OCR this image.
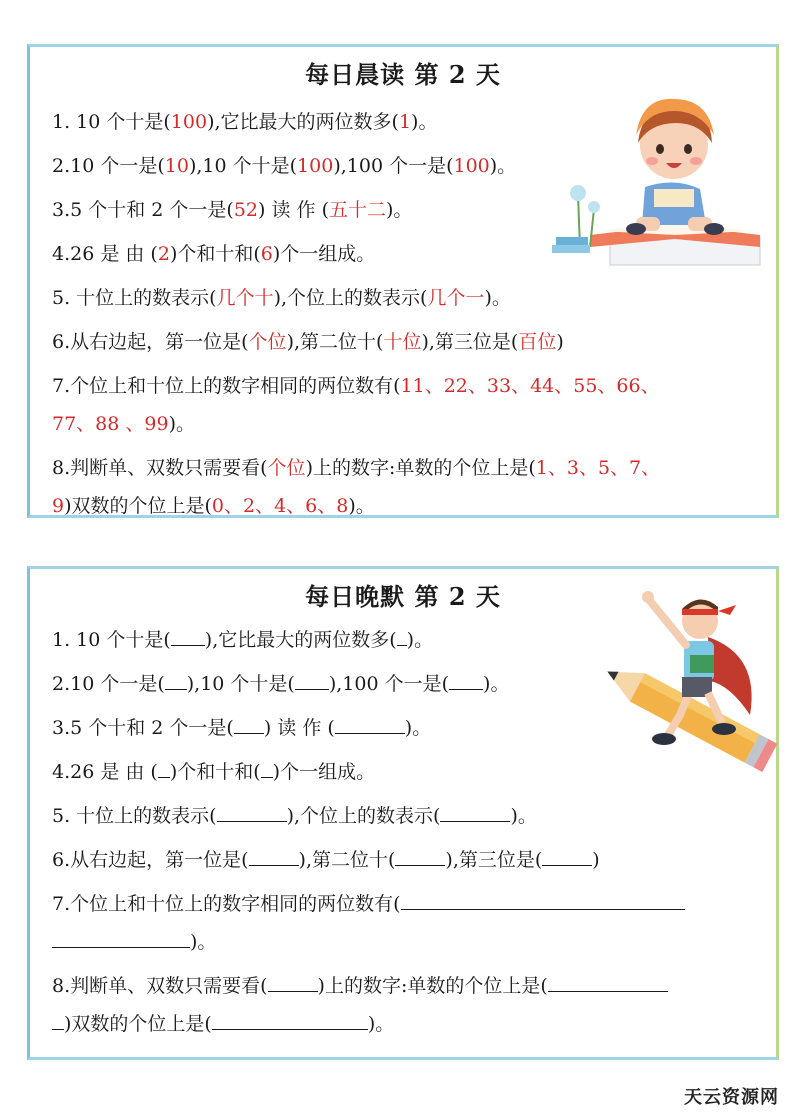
每日晨读 第 2 天
1. 10 个十是(100),它比最大的两位数多(1)。
2.10 个一是(10),10 个十是(100),100 个一是(100)。
3.5 个十和 2 个一是(52) 读 作 (五十二)。
4.26 是 由 (2)个和十和(6)个一组成。
5. 十位上的数表示(几个十),个位上的数表示(几个一)。
6.从右边起，第一位是(个位),第二位十(十位),第三位是(百位)
7.个位上和十位上的数字相同的两位数有(11、22、33、44、55、66、
77、88 、99)。
8.判断单、双数只需要看(个位)上的数字:单数的个位上是(1、3、5、7、
9)双数的个位上是(0、2、4、6、8)。
每日晚默 第 2 天
1. 10 个十是( ),它比最大的两位数多( )。
2.10 个一是( ),10 个十是( ),100 个一是( )。
3.5 个十和 2 个一是( ) 读 作 (	)。
4.26 是 由 ( )个和十和( )个一组成。
5. 十位上的数表示(	),个位上的数表示(	)。
6.从右边起，第一位是(	),第二位十(	),第三位是(	)
7.个位上和十位上的数字相同的两位数有(
)。
8.判断单、双数只需要看(	)上的数字:单数的个位上是(
)双数的个位上是(	)。
天云资源网
